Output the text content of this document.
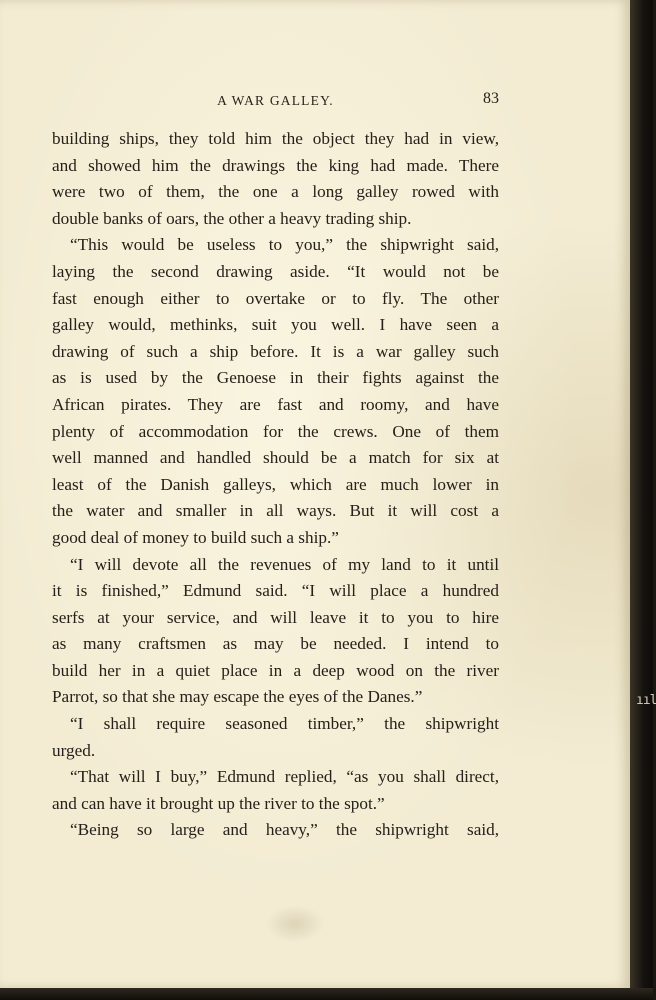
A WAR GALLEY.	83
building ships, they told him the object they had in view,
and showed him the drawings the king had made. There
were two of them, the one a long galley rowed with
double banks of oars, the other a heavy trading ship.
“This would be useless to you,” the shipwright said,
laying the second drawing aside. “It would not be
fast enough either to overtake or to fly. The other
galley would, methinks, suit you well. I have seen a
drawing of such a ship before. It is a war galley such
as is used by the Genoese in their fights against the
African pirates. They are fast and roomy, and have
plenty of accommodation for the crews. One of them
well manned and handled should be a match for six at
least of the Danish galleys, which are much lower in
the water and smaller in all ways. But it will cost a
good deal of money to build such a ship.”
“I will devote all the revenues of my land to it until
it is finished,” Edmund said. “I will place a hundred
serfs at your service, and will leave it to you to hire
as many craftsmen as may be needed. I intend to
build her in a quiet place in a deep wood on the river
Parrot, so that she may escape the eyes of the Danes.”
“I shall require seasoned timber,” the shipwright
urged.
“That will I buy,” Edmund replied, “as you shall direct,
and can have it brought up the river to the spot.”
“Being so large and heavy,” the shipwright said,
ııl
